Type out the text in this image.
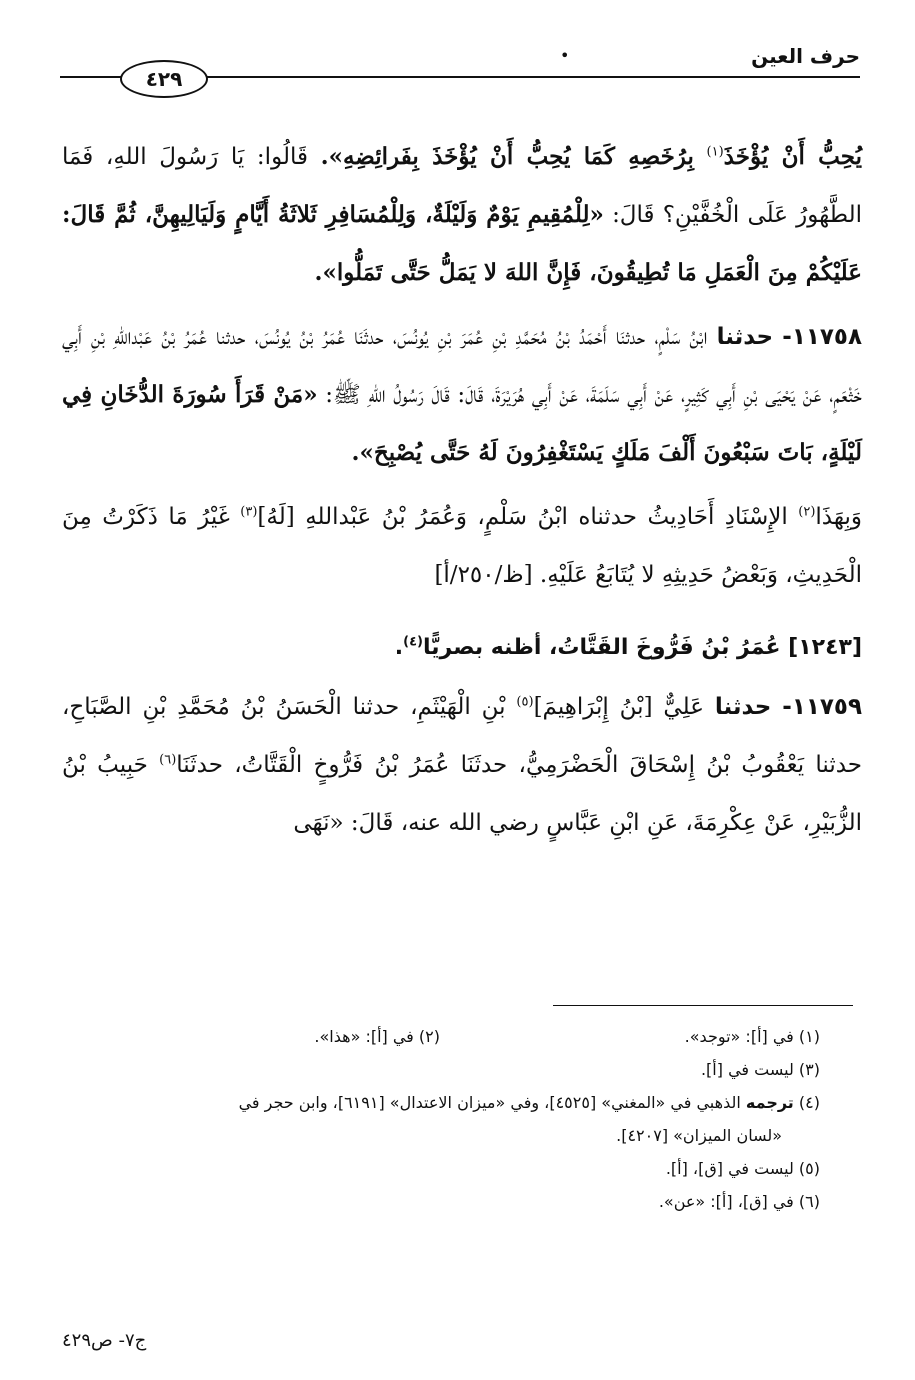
حرف العين
•
٤٢٩

يُحِبُّ أَنْ يُؤْخَذَ$^{(١)}$ بِرُخَصِهِ كَمَا يُحِبُّ أَنْ يُؤْخَذَ بِفَرائِضِهِ». قَالُوا: يَا رَسُولَ اللهِ، فَمَا الطَّهُورُ عَلَى الْخُفَّيْنِ؟ قَالَ: «لِلْمُقِيمِ يَوْمٌ وَلَيْلَةٌ، وَلِلْمُسَافِرِ ثَلاثَةُ أَيَّامٍ وَلَيَالِيهِنَّ، ثُمَّ قَالَ: عَلَيْكُمْ مِنَ الْعَمَلِ مَا تُطِيقُونَ، فَإِنَّ اللهَ لا يَمَلُّ حَتَّى تَمَلُّوا».

١١٧٥٨- حدثنا ابْنُ سَلْمٍ، حدثنَا أَحْمَدُ بْنُ مُحَمَّدِ بْنِ عُمَرَ بْنِ يُونُسَ، حدثَنَا عُمَرُ بْنُ يُونُسَ، حدثنا عُمَرُ بْنُ عَبْداللهِ بْنِ أَبِي خَثْعَمٍ، عَنْ يَحْيَى بْنِ أَبِي كَثِيرٍ، عَنْ أَبِي سَلَمَةَ، عَنْ أَبِي هُرَيْرَةَ، قَالَ: قَالَ رَسُولُ اللهِ ﷺ: «مَنْ قَرَأَ سُورَةَ الدُّخَانِ فِي لَيْلَةٍ، بَاتَ سَبْعُونَ أَلْفَ مَلَكٍ يَسْتَغْفِرُونَ لَهُ حَتَّى يُصْبِحَ».

وَبِهَذَا$^{(٢)}$ الإِسْنَادِ أَحَادِيثُ حدثناه ابْنُ سَلْمٍ، وَعُمَرُ بْنُ عَبْداللهِ [لَهُ]$^{(٣)}$ غَيْرُ مَا ذَكَرْتُ مِنَ الْحَدِيثِ، وَبَعْضُ حَدِيثِهِ لا يُتَابَعُ عَلَيْهِ. [ظ/٢٥٠/أ]

[١٢٤٣] عُمَرُ بْنُ فَرُّوخَ القَتَّاتُ، أظنه بصريًّا$^{(٤)}$.

١١٧٥٩- حدثنا عَلِيٌّ [بْنُ إِبْرَاهِيمَ]$^{(٥)}$ بْنِ الْهَيْثَمِ، حدثنا الْحَسَنُ بْنُ مُحَمَّدِ بْنِ الصَّبَاحِ، حدثنا يَعْقُوبُ بْنُ إِسْحَاقَ الْحَضْرَمِيُّ، حدثَنَا عُمَرُ بْنُ فَرُّوخٍ الْقَتَّاتُ، حدثَنَا$^{(٦)}$ حَبِيبُ بْنُ الزُّبَيْرِ، عَنْ عِكْرِمَةَ، عَنِ ابْنِ عَبَّاسٍ رضي الله عنه، قَالَ: «نَهَى

(١) في [أ]: «توجد».
(٢) في [أ]: «هذا».
(٣) ليست في [أ].
(٤) ترجمه الذهبي في «المغني» [٤٥٢٥]، وفي «ميزان الاعتدال» [٦١٩١]، وابن حجر في
«لسان الميزان» [٤٢٠٧].
(٥) ليست في [ق]، [أ].
(٦) في [ق]، [أ]: «عن».
ج٧- ص٤٢٩
